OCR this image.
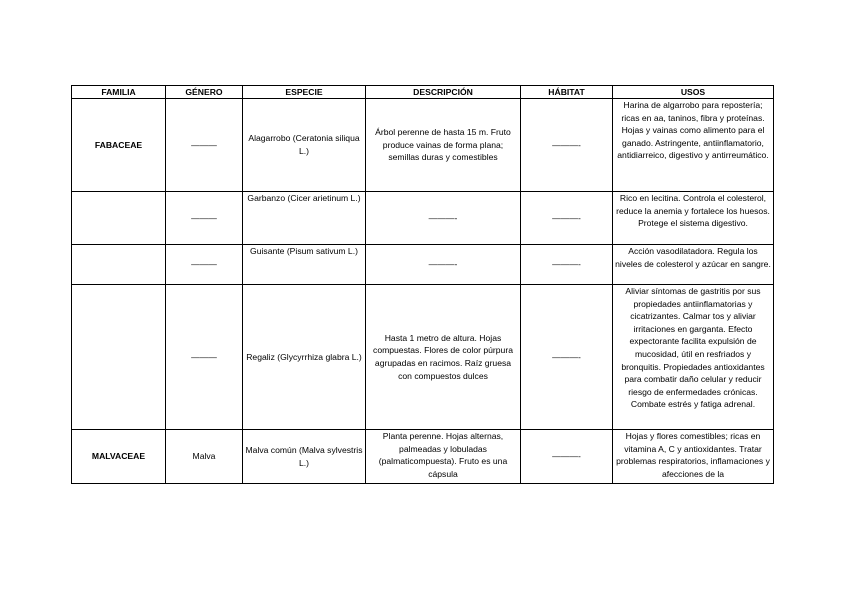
FAMILIA	GÉNERO	ESPECIE	DESCRIPCIÓN	HÁBITAT	USOS
FABACEAE	———	Alagarrobo (Ceratonia siliqua L.)	Árbol perenne de hasta 15 m. Fruto produce vainas de forma plana; semillas duras y comestibles	———-	Harina de algarrobo para repostería; ricas en aa, taninos, fibra y proteínas. Hojas y vainas como alimento para el ganado. Astringente, antiinflamatorio, antidiarreico, digestivo y antirreumático.
	———	Garbanzo (Cicer arietinum L.)	———-	———-	Rico en lecitina. Controla el colesterol, reduce la anemia y fortalece los huesos. Protege el sistema digestivo.
	———	Guisante (Pisum sativum L.)	———-	———-	Acción vasodilatadora. Regula los niveles de colesterol y azúcar en sangre.
	———	Regaliz (Glycyrrhiza glabra L.)	Hasta 1 metro de altura. Hojas compuestas. Flores de color púrpura agrupadas en racimos. Raíz gruesa con compuestos dulces	———-	Aliviar síntomas de gastritis por sus propiedades antiinflamatorias y cicatrizantes. Calmar tos y aliviar irritaciones en garganta. Efecto expectorante facilita expulsión de mucosidad, útil en resfriados y bronquitis. Propiedades antioxidantes para combatir daño celular y reducir riesgo de enfermedades crónicas. Combate estrés y fatiga adrenal.
MALVACEAE	Malva	Malva común (Malva sylvestris L.)	Planta perenne. Hojas alternas, palmeadas y lobuladas (palmaticompuesta). Fruto es una cápsula	———-	Hojas y flores comestibles; ricas en vitamina A, C y antioxidantes. Tratar problemas respiratorios, inflamaciones y afecciones de la
